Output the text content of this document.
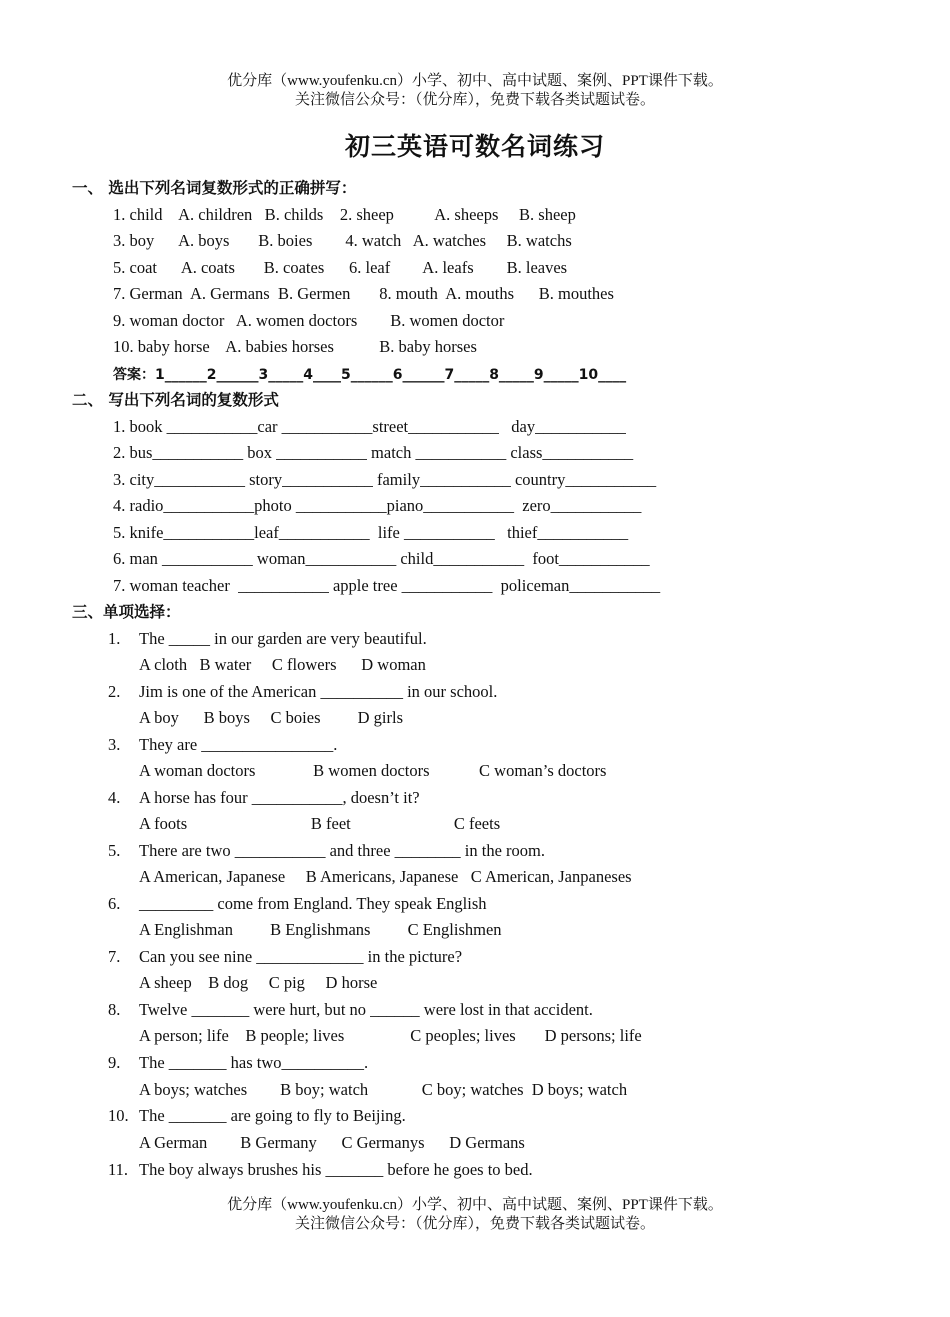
优分库（www.youfenku.cn）小学、初中、高中试题、案例、PPT课件下载。
关注微信公众号：（优分库），免费下载各类试题试卷。
初三英语可数名词练习
一、 选出下列名词复数形式的正确拼写：
1. child    A. children   B. childs    2. sheep          A. sheeps     B. sheep
3. boy      A. boys       B. boies        4. watch   A. watches     B. watchs
5. coat      A. coats       B. coates      6. leaf        A. leafs        B. leaves
7. German  A. Germans  B. Germen       8. mouth  A. mouths      B. mouthes
9. woman doctor   A. women doctors        B. women doctor
10. baby horse    A. babies horses           B. baby horses
答案：1______2______3_____4____5______6______7_____8_____9_____10____
二、 写出下列名词的复数形式
1. book ___________car ___________street___________   day___________
2. bus___________ box ___________ match ___________ class___________
3. city___________ story___________ family___________ country___________
4. radio___________photo ___________piano___________  zero___________
5. knife___________leaf___________  life ___________   thief___________
6. man ___________ woman___________ child___________  foot___________
7. woman teacher  ___________ apple tree ___________  policeman___________
三、单项选择：
1. The _____ in our garden are very beautiful.
A cloth   B water     C flowers      D woman
2. Jim is one of the American __________ in our school.
A boy      B boys     C boies         D girls
3. They are ________________.
A woman doctors              B women doctors            C woman’s doctors
4. A horse has four ___________, doesn’t it?
A foots                              B feet                         C feets
5. There are two ___________ and three ________ in the room.
A American, Japanese     B Americans, Japanese   C American, Janpaneses
6. _________ come from England. They speak English
A Englishman         B Englishmans         C Englishmen
7. Can you see nine _____________ in the picture?
A sheep    B dog     C pig     D horse
8. Twelve _______ were hurt, but no ______ were lost in that accident.
A person; life    B people; lives                C peoples; lives       D persons; life
9. The _______ has two__________.
A boys; watches        B boy; watch             C boy; watches  D boys; watch
10. The _______ are going to fly to Beijing.
A German        B Germany      C Germanys      D Germans
11. The boy always brushes his _______ before he goes to bed.
优分库（www.youfenku.cn）小学、初中、高中试题、案例、PPT课件下载。
关注微信公众号：（优分库），免费下载各类试题试卷。
